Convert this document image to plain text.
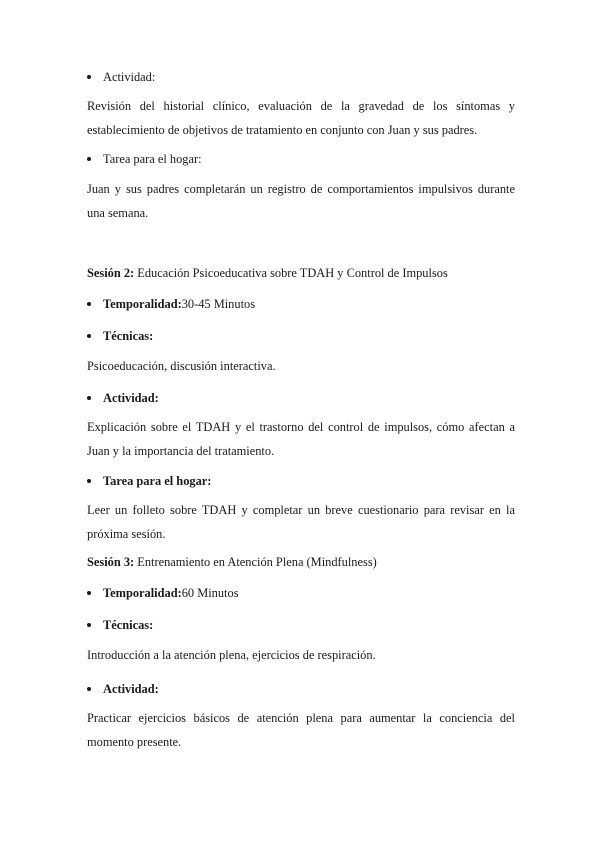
Actividad:
Revisión del historial clínico, evaluación de la gravedad de los síntomas y establecimiento de objetivos de tratamiento en conjunto con Juan y sus padres.
Tarea para el hogar:
Juan y sus padres completarán un registro de comportamientos impulsivos durante una semana.
Sesión 2: Educación Psicoeducativa sobre TDAH y Control de Impulsos
Temporalidad: 30-45 Minutos
Técnicas:
Psicoeducación, discusión interactiva.
Actividad:
Explicación sobre el TDAH y el trastorno del control de impulsos, cómo afectan a Juan y la importancia del tratamiento.
Tarea para el hogar:
Leer un folleto sobre TDAH y completar un breve cuestionario para revisar en la próxima sesión.
Sesión 3: Entrenamiento en Atención Plena (Mindfulness)
Temporalidad: 60 Minutos
Técnicas:
Introducción a la atención plena, ejercicios de respiración.
Actividad:
Practicar ejercicios básicos de atención plena para aumentar la conciencia del momento presente.
